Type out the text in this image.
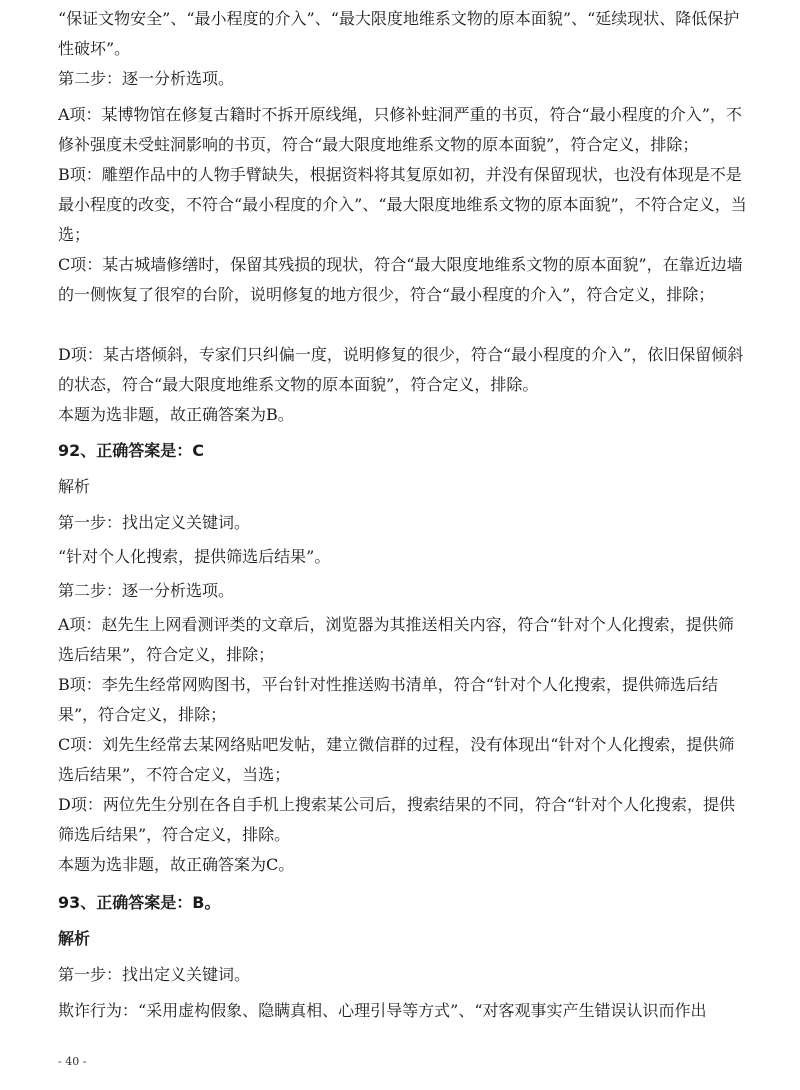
“保证文物安全”、“最小程度的介入”、“最大限度地维系文物的原本面貌”、“延续现状、降低保护性破坏”。

第二步：逐一分析选项。

A项：某博物馆在修复古籍时不拆开原线绳，只修补蛀洞严重的书页，符合“最小程度的介入”，不修补强度未受蛀洞影响的书页，符合“最大限度地维系文物的原本面貌”，符合定义，排除；

B项：雕塑作品中的人物手臂缺失，根据资料将其复原如初，并没有保留现状，也没有体现是不是最小程度的改变，不符合“最小程度的介入”、“最大限度地维系文物的原本面貌”，不符合定义，当选；

C项：某古城墙修缮时，保留其残损的现状，符合“最大限度地维系文物的原本面貌”，在靠近边墙的一侧恢复了很窄的台阶，说明修复的地方很少，符合“最小程度的介入”，符合定义，排除；

D项：某古塔倾斜，专家们只纠偏一度，说明修复的很少，符合“最小程度的介入”，依旧保留倾斜的状态，符合“最大限度地维系文物的原本面貌”，符合定义，排除。

本题为选非题，故正确答案为B。

92、正确答案是：C

解析

第一步：找出定义关键词。

“针对个人化搜索，提供筛选后结果”。

第二步：逐一分析选项。

A项：赵先生上网看测评类的文章后，浏览器为其推送相关内容，符合“针对个人化搜索，提供筛选后结果”，符合定义，排除；

B项：李先生经常网购图书，平台针对性推送购书清单，符合“针对个人化搜索，提供筛选后结果”，符合定义，排除；

C项：刘先生经常去某网络贴吧发帖，建立微信群的过程，没有体现出“针对个人化搜索，提供筛选后结果”，不符合定义，当选；

D项：两位先生分别在各自手机上搜索某公司后，搜索结果的不同，符合“针对个人化搜索，提供筛选后结果”，符合定义，排除。

本题为选非题，故正确答案为C。

93、正确答案是：B。

解析

第一步：找出定义关键词。

欺诈行为：“采用虚构假象、隐瞒真相、心理引导等方式”、“对客观事实产生错误认识而作出

- 40 -
